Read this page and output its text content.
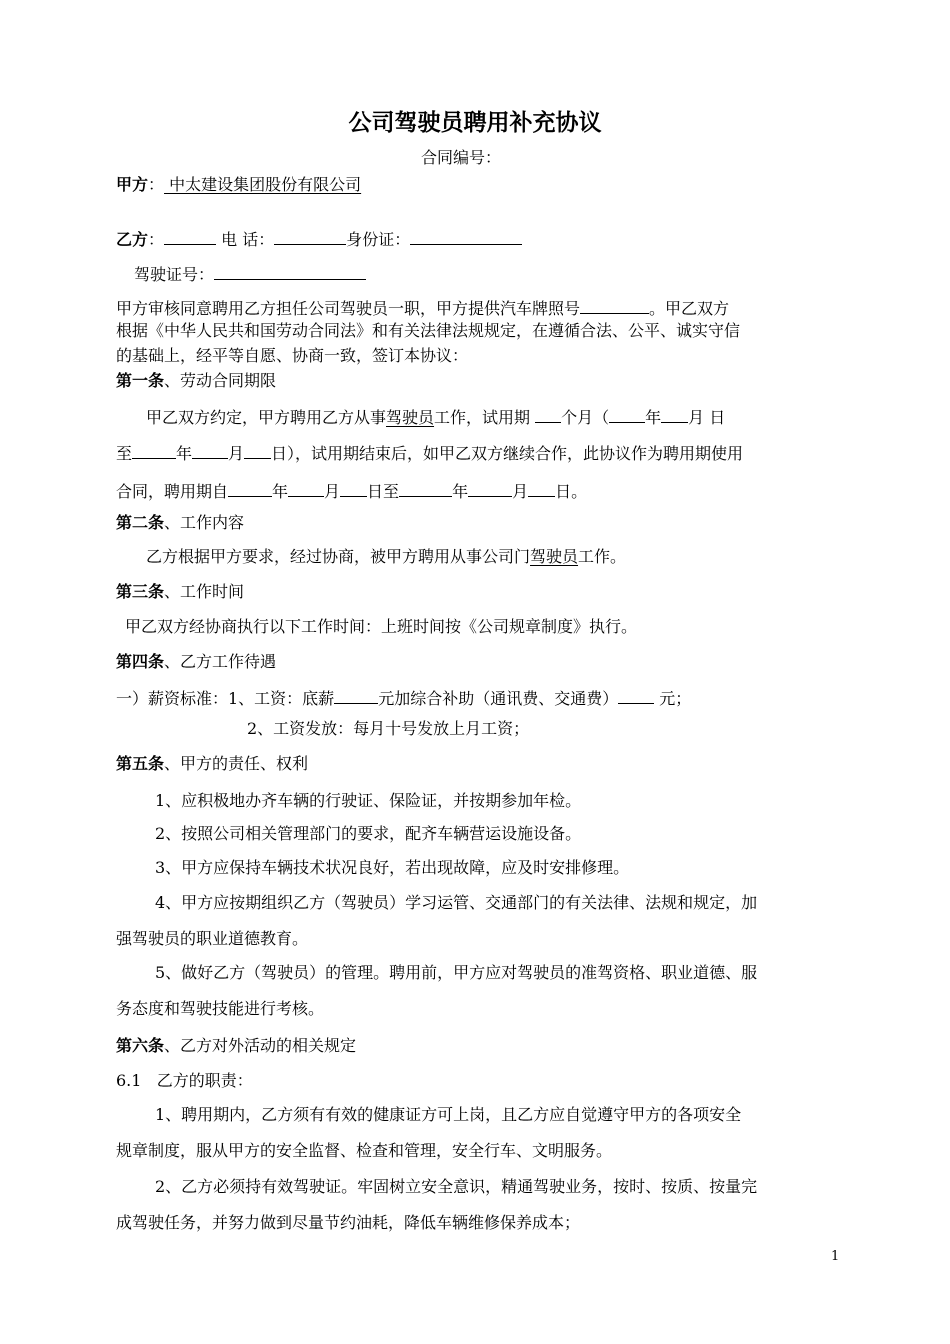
公司驾驶员聘用补充协议
合同编号：
甲方： 中太建设集团股份有限公司
乙方：	电 话：	身份证：
驾驶证号：
甲方审核同意聘用乙方担任公司驾驶员一职，甲方提供汽车牌照号	。甲乙双方
根据《中华人民共和国劳动合同法》和有关法律法规规定，在遵循合法、公平、诚实守信
的基础上，经平等自愿、协商一致，签订本协议：
第一条、劳动合同期限
甲乙双方约定，甲方聘用乙方从事驾驶员工作，试用期 个月（ 年 月 日
至	年 月 日），试用期结束后，如甲乙双方继续合作，此协议作为聘用期使用
合同，聘用期自	年 月 日至	年	月 日。
第二条、工作内容
乙方根据甲方要求，经过协商，被甲方聘用从事公司门驾驶员工作。
第三条、工作时间
甲乙双方经协商执行以下工作时间：上班时间按《公司规章制度》执行。
第四条、乙方工作待遇
一）薪资标准：1、工资：底薪	元加综合补助（通讯费、交通费） 元；
2、工资发放：每月十号发放上月工资；
第五条、甲方的责任、权利
1、应积极地办齐车辆的行驶证、保险证，并按期参加年检。
2、按照公司相关管理部门的要求，配齐车辆营运设施设备。
3、甲方应保持车辆技术状况良好，若出现故障，应及时安排修理。
4、甲方应按期组织乙方（驾驶员）学习运管、交通部门的有关法律、法规和规定，加
强驾驶员的职业道德教育。
5、做好乙方（驾驶员）的管理。聘用前，甲方应对驾驶员的准驾资格、职业道德、服
务态度和驾驶技能进行考核。
第六条、乙方对外活动的相关规定
6.1   乙方的职责：
1、聘用期内，乙方须有有效的健康证方可上岗，且乙方应自觉遵守甲方的各项安全
规章制度，服从甲方的安全监督、检查和管理，安全行车、文明服务。
2、乙方必须持有效驾驶证。牢固树立安全意识，精通驾驶业务，按时、按质、按量完
成驾驶任务，并努力做到尽量节约油耗，降低车辆维修保养成本；
1
